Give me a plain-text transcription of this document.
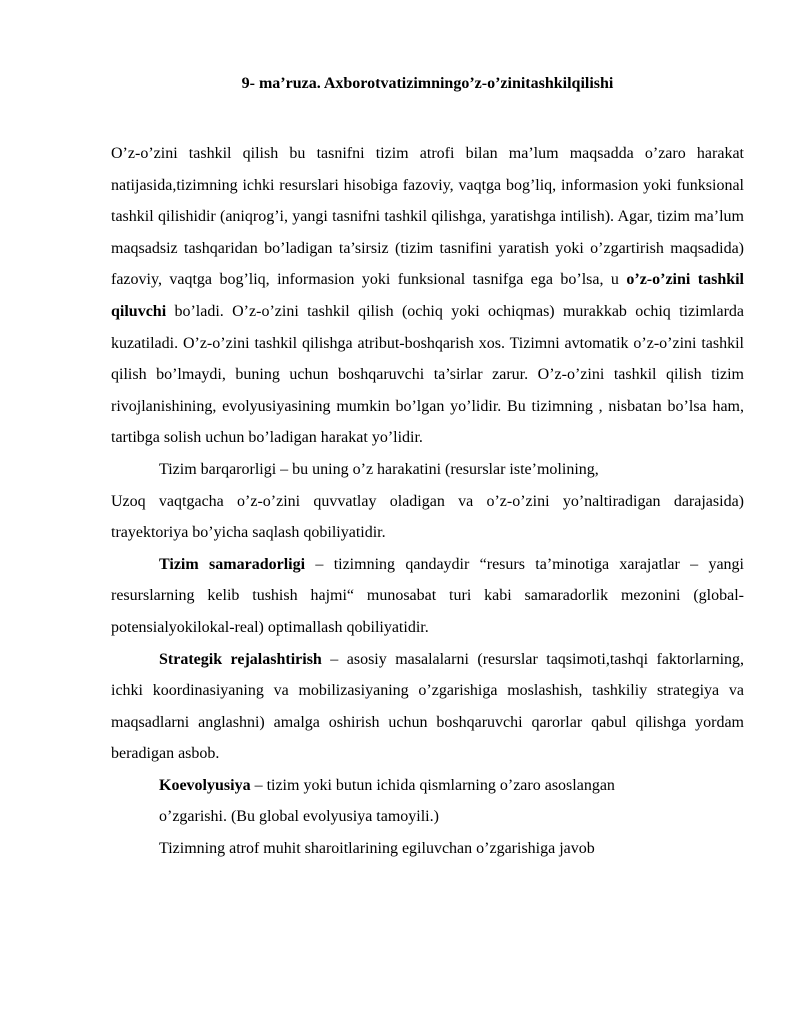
9- ma’ruza. Axborotvatizimningo’z-o’zinitashkilqilishi

O’z-o’zini tashkil qilish bu tasnifni tizim atrofi bilan ma’lum maqsadda o’zaro harakat natijasida,tizimning ichki resurslari hisobiga fazoviy, vaqtga bog’liq, informasion yoki funksional tashkil qilishidir (aniqrog’i, yangi tasnifni tashkil qilishga, yaratishga intilish). Agar, tizim ma’lum maqsadsiz tashqaridan bo’ladigan ta’sirsiz (tizim tasnifini yaratish yoki o’zgartirish maqsadida) fazoviy, vaqtga bog’liq, informasion yoki funksional tasnifga ega bo’lsa, u o’z-o’zini tashkil qiluvchi bo’ladi. O’z-o’zini tashkil qilish (ochiq yoki ochiqmas) murakkab ochiq tizimlarda kuzatiladi. O’z-o’zini tashkil qilishga atribut-boshqarish xos. Tizimni avtomatik o’z-o’zini tashkil qilish bo’lmaydi, buning uchun boshqaruvchi ta’sirlar zarur. O’z-o’zini tashkil qilish tizim rivojlanishining, evolyusiyasining mumkin bo’lgan yo’lidir. Bu tizimning , nisbatan bo’lsa ham, tartibga solish uchun bo’ladigan harakat yo’lidir.

Tizim barqarorligi – bu uning o’z harakatini (resurslar iste’molining,

Uzoq vaqtgacha o’z-o’zini quvvatlay oladigan va o’z-o’zini yo’naltiradigan darajasida) trayektoriya bo’yicha saqlash qobiliyatidir.

Tizim samaradorligi – tizimning qandaydir “resurs ta’minotiga xarajatlar – yangi resurslarning kelib tushish hajmi“ munosabat turi kabi samaradorlik mezonini (global-potensialyokilokal-real) optimallash qobiliyatidir.

Strategik rejalashtirish – asosiy masalalarni (resurslar taqsimoti,tashqi faktorlarning, ichki koordinasiyaning va mobilizasiyaning o’zgarishiga moslashish, tashkiliy strategiya va maqsadlarni anglashni) amalga oshirish uchun boshqaruvchi qarorlar qabul qilishga yordam beradigan asbob.

Koevolyusiya – tizim yoki butun ichida qismlarning o’zaro asoslangan

o’zgarishi. (Bu global evolyusiya tamoyili.)

Tizimning atrof muhit sharoitlarining egiluvchan o’zgarishiga javob
